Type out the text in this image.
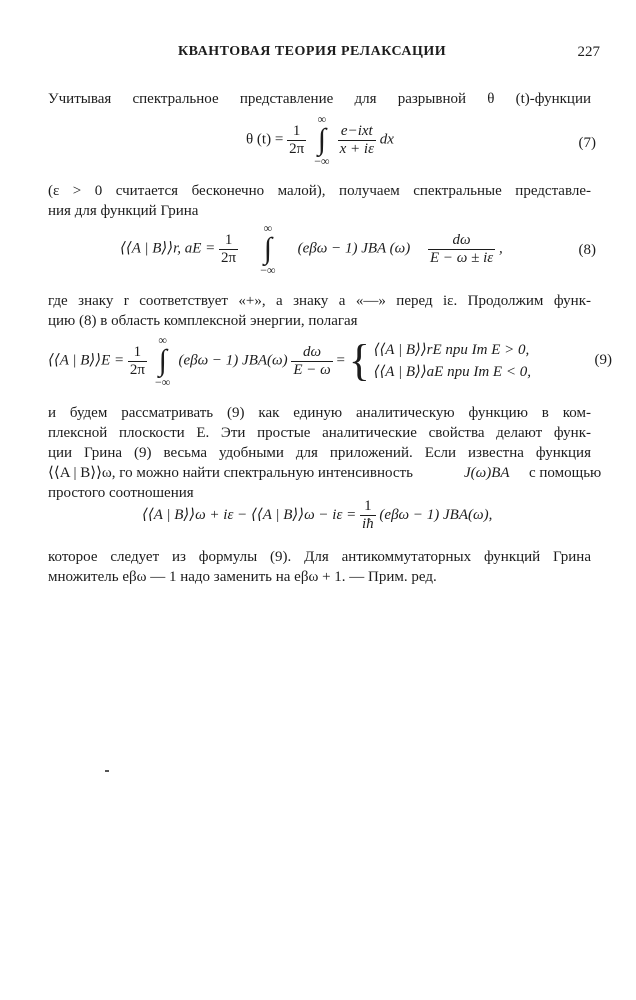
КВАНТОВАЯ ТЕОРИЯ РЕЛАКСАЦИИ	227
Учитывая спектральное представление для разрывной θ (t)-функции
θ $(t) = \frac{1}{2\pi}$

∞
∫
−∞

$\frac{\text{e−ixt}}{x + i\varepsilon}$ dx	(7)
(ε > 0 считается бесконечно малой), получаем спектральные представле-
ния для функций Грина
⟨⟨A | B⟩⟩r, aE = $\frac{1}{2\pi}$

∞
∫
−∞
(eβω − 1) JBA $(\omega) \frac{d\omega}{E - \omega \pm i\varepsilon}$ ,	(8)
где знаку r соответствует «+», а знаку a «—» перед iε. Продолжим функ-
цию (8) в область комплексной энергии, полагая
⟨⟨A | B⟩⟩E = $\frac{1}{2\pi}$

∞
∫
−∞
(eβω − 1) $JBA(\omega) \frac{d\omega}{E - \omega}$ = { ⟨⟨A | B⟩⟩rE при Im E > 0,
⟨⟨A | B⟩⟩aE при Im E < 0,
(9)
и будем рассматривать (9) как единую аналитическую функцию в ком-
плексной плоскости E. Эти простые аналитические свойства делают функ-
ции Грина (9) весьма удобными для приложений. Если известна функция
⟨⟨A | B⟩⟩ω, го можно найти спектральную интенсивность	J(ω)BA с помощью
простого соотношения
⟨⟨A | B⟩⟩ω + iε − ⟨⟨A | B⟩⟩ω − $i\varepsilon = \frac{1}{iħ} (e\beta\omega - 1)$ JBA(ω),
которое следует из формулы (9). Для антикоммутаторных функций Грина
множитель eβω — 1 надо заменить на eβω + 1. — Прим. ред.
